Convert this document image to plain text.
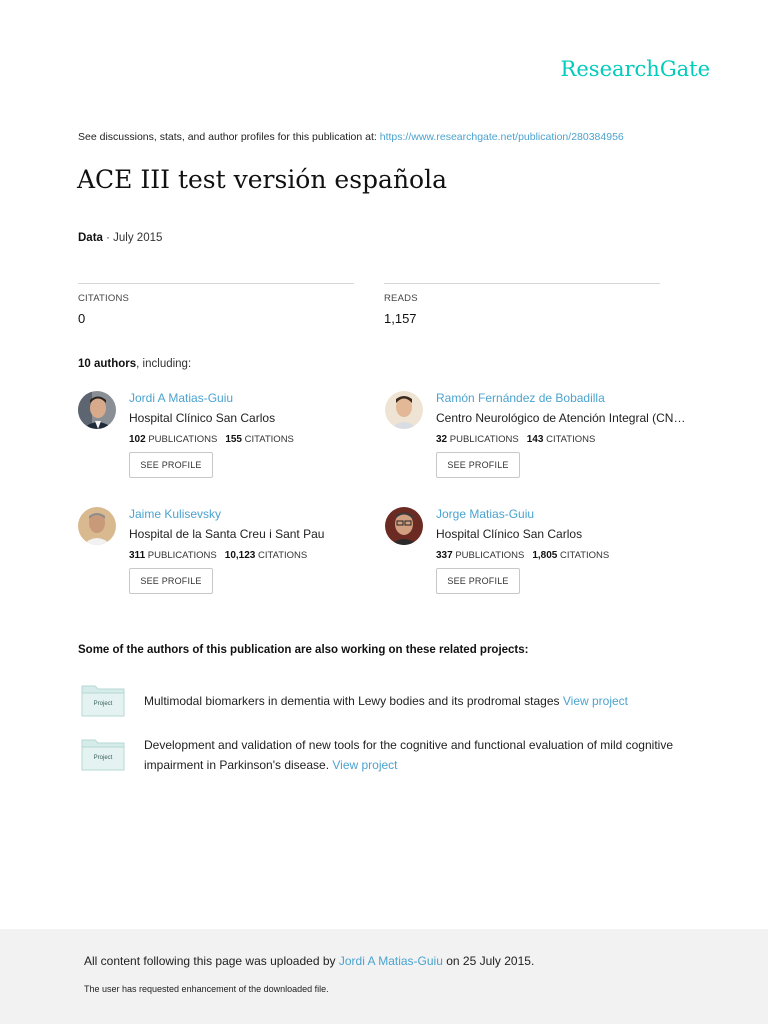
ResearchGate
See discussions, stats, and author profiles for this publication at: https://www.researchgate.net/publication/280384956
ACE III test versión española
Data · July 2015
CITATIONS
0
READS
1,157
10 authors, including:
Jordi A Matias-Guiu
Hospital Clínico San Carlos
102 PUBLICATIONS 155 CITATIONS
SEE PROFILE
Ramón Fernández de Bobadilla
Centro Neurológico de Atención Integral (CN…
32 PUBLICATIONS 143 CITATIONS
SEE PROFILE
Jaime Kulisevsky
Hospital de la Santa Creu i Sant Pau
311 PUBLICATIONS 10,123 CITATIONS
SEE PROFILE
Jorge Matias-Guiu
Hospital Clínico San Carlos
337 PUBLICATIONS 1,805 CITATIONS
SEE PROFILE
Some of the authors of this publication are also working on these related projects:
Project	Multimodal biomarkers in dementia with Lewy bodies and its prodromal stages View project
Project
Development and validation of new tools for the cognitive and functional evaluation of mild cognitive impairment in Parkinson's disease. View project
All content following this page was uploaded by Jordi A Matias-Guiu on 25 July 2015.
The user has requested enhancement of the downloaded file.
